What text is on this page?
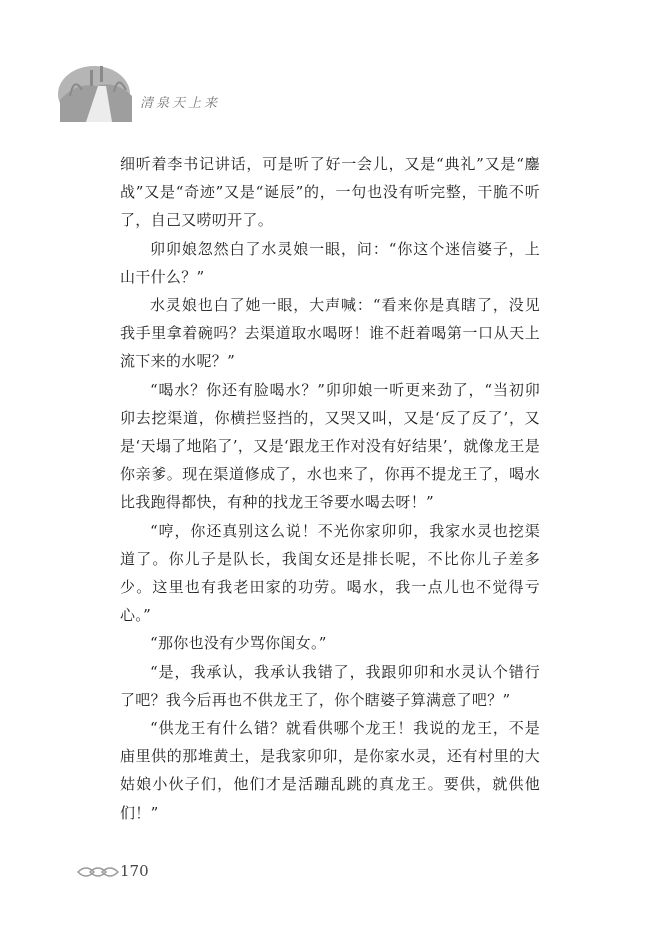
清泉天上来

细听着李书记讲话，可是听了好一会儿，又是“典礼”又是“鏖战”又是“奇迹”又是“诞辰”的，一句也没有听完整，干脆不听了，自己又唠叨开了。

卯卯娘忽然白了水灵娘一眼，问：“你这个迷信婆子，上山干什么？”

水灵娘也白了她一眼，大声喊：“看来你是真瞎了，没见我手里拿着碗吗？去渠道取水喝呀！谁不赶着喝第一口从天上流下来的水呢？”

“喝水？你还有脸喝水？”卯卯娘一听更来劲了，“当初卯卯去挖渠道，你横拦竖挡的，又哭又叫，又是‘反了反了’，又是‘天塌了地陷了’，又是‘跟龙王作对没有好结果’，就像龙王是你亲爹。现在渠道修成了，水也来了，你再不提龙王了，喝水比我跑得都快，有种的找龙王爷要水喝去呀！”

“哼，你还真别这么说！不光你家卯卯，我家水灵也挖渠道了。你儿子是队长，我闺女还是排长呢，不比你儿子差多少。这里也有我老田家的功劳。喝水，我一点儿也不觉得亏心。”

“那你也没有少骂你闺女。”

“是，我承认，我承认我错了，我跟卯卯和水灵认个错行了吧？我今后再也不供龙王了，你个瞎婆子算满意了吧？”

“供龙王有什么错？就看供哪个龙王！我说的龙王，不是庙里供的那堆黄土，是我家卯卯，是你家水灵，还有村里的大姑娘小伙子们，他们才是活蹦乱跳的真龙王。要供，就供他们！”

170
